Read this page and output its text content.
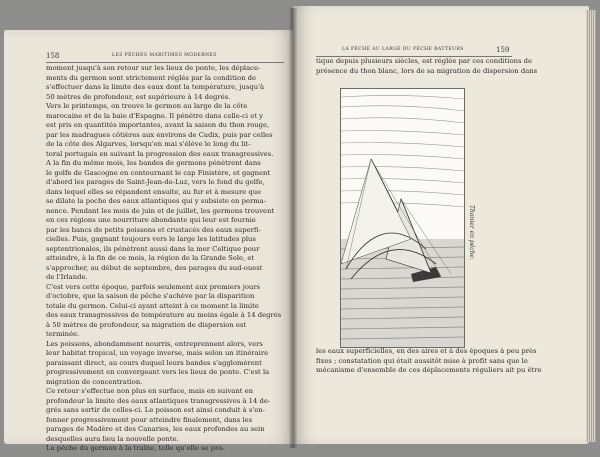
158	LES PÊCHES MARITIMES MODERNES
moment jusqu'à son retour sur les lieux de ponte, les déplace-
ments du germon sont strictement réglés par la condition de
s'effectuer dans la limite des eaux dont la température, jusqu'à
50 mètres de profondeur, est supérieure à 14 degrés.
Vers le printemps, on trouve le germon au large de la côte
marocaine et de la baie d'Espagne. Il pénètre dans celle-ci et y
est pris en quantités importantes, avant la saison du thon rouge,
par les madragues côtières aux environs de Cadix, puis par celles
de la côte des Algarves, lorsqu'en mai s'élève le long du lit-
toral portugais en suivant la progression des eaux transgressives.
A la fin du même mois, les bandes de germons pénètrent dans
le golfe de Gascogne en contournant le cap Finistère, et gagnent
d'abord les parages de Saint-Jean-de-Luz, vers le fond du golfe,
dans lequel elles se répandent ensuite, au fur et à mesure que
se dilate la poche des eaux atlantiques qui y subsiste en perma-
nence. Pendant les mois de juin et de juillet, les germons trouvent
en ces régions une nourriture abondante qui leur est fournie
par les bancs de petits poissons et crustacés des eaux superfi-
cielles. Puis, gagnant toujours vers le large les latitudes plus
septentrionales, ils pénètrent aussi dans la mer Celtique pour
atteindre, à la fin de ce mois, la région de la Grande Sole, et
s'approcher, au début de septembre, des parages du sud-ouest
de l'Irlande.
C'est vers cette époque, parfois seulement aux premiers jours
d'octobre, que la saison de pêche s'achève par la disparition
totale du germon. Celui-ci ayant atteint à ce moment la limite
des eaux transgressives de température au moins égale à 14 degrés
à 50 mètres de profondeur, sa migration de dispersion est
terminée.
Les poissons, abondamment nourris, entreprennent alors, vers
leur habitat tropical, un voyage inverse, mais selon un itinéraire
paraissant direct, au cours duquel leurs bandes s'agglomèrent
progressivement en convergeant vers les lieux de ponte. C'est la
migration de concentration.
Ce retour s'effectue non plus en surface, mais en suivant en
profondeur la limite des eaux atlantiques transgressives à 14 de-
grés sans sortir de celles-ci. Le poisson est ainsi conduit à s'en-
fonner progressivement pour atteindre finalement, dans les
parages de Madère et des Canaries, les eaux profondes au sein
desquelles aura lieu la nouvelle ponte.
La pêche du germon à la traîne, telle qu'elle se pra-
LA PÊCHE AU LARGE DU PÊCHE BATTEURS	159
tique depuis plusieurs siècles, est réglée par ces conditions de
présence du thon blanc, lors de sa migration de dispersion dans
Thonier en pêche.
les eaux superficielles, en des aires et à des époques à peu près
fixes ; constatation qui était aussitôt mise à profit sans que le
mécanisme d'ensemble de ces déplacements réguliers ait pu être
